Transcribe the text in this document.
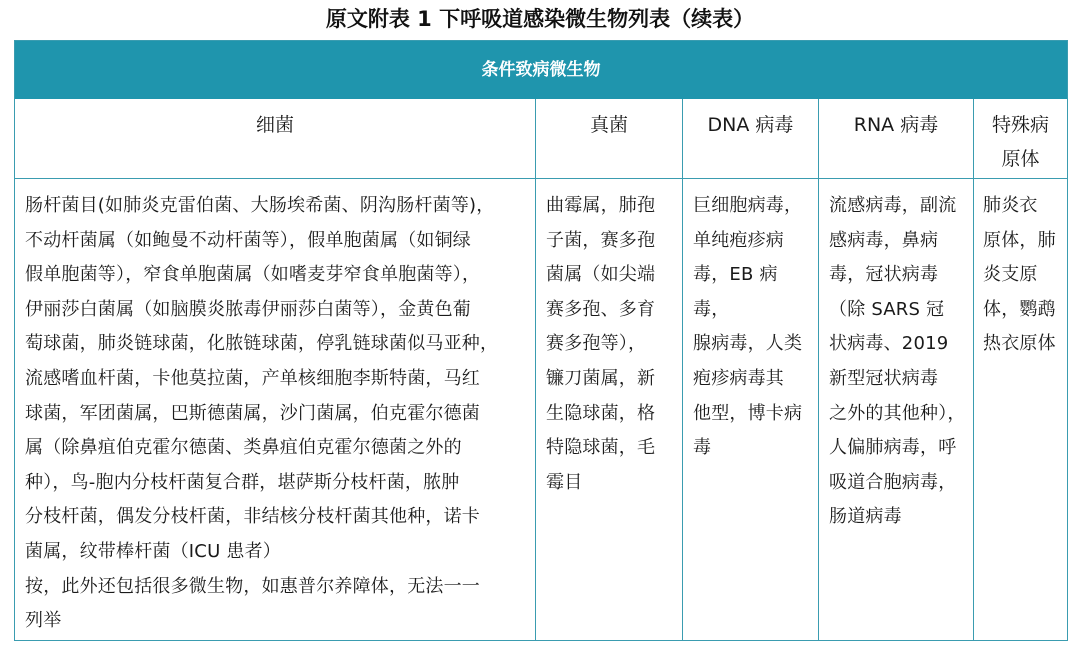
原文附表 1 下呼吸道感染微生物列表（续表）
条件致病微生物
细菌
肠杆菌目(如肺炎克雷伯菌、大肠埃希菌、阴沟肠杆菌等)，
不动杆菌属（如鲍曼不动杆菌等），假单胞菌属（如铜绿
假单胞菌等），窄食单胞菌属（如嗜麦芽窄食单胞菌等），
伊丽莎白菌属（如脑膜炎脓毒伊丽莎白菌等），金黄色葡
萄球菌，肺炎链球菌，化脓链球菌，停乳链球菌似马亚种，
流感嗜血杆菌，卡他莫拉菌，产单核细胞李斯特菌，马红
球菌，军团菌属，巴斯德菌属，沙门菌属，伯克霍尔德菌
属（除鼻疽伯克霍尔德菌、类鼻疽伯克霍尔德菌之外的
种），鸟-胞内分枝杆菌复合群，堪萨斯分枝杆菌，脓肿
分枝杆菌，偶发分枝杆菌，非结核分枝杆菌其他种，诺卡
菌属，纹带棒杆菌（ICU 患者）
按，此外还包括很多微生物，如惠普尔养障体，无法一一
列举
真菌
曲霉属，肺孢
子菌，赛多孢
菌属（如尖端
赛多孢、多育
赛多孢等），
镰刀菌属，新
生隐球菌，格
特隐球菌，毛
霉目
DNA 病毒
巨细胞病毒，
单纯疱疹病
毒，EB 病毒，
腺病毒，人类
疱疹病毒其
他型，博卡病
毒
RNA 病毒
流感病毒，副流
感病毒，鼻病
毒，冠状病毒
（除 SARS 冠
状病毒、2019
新型冠状病毒
之外的其他种），
人偏肺病毒，呼
吸道合胞病毒，
肠道病毒
特殊病
原体
肺炎衣
原体，肺
炎支原
体，鹦鹉
热衣原体
